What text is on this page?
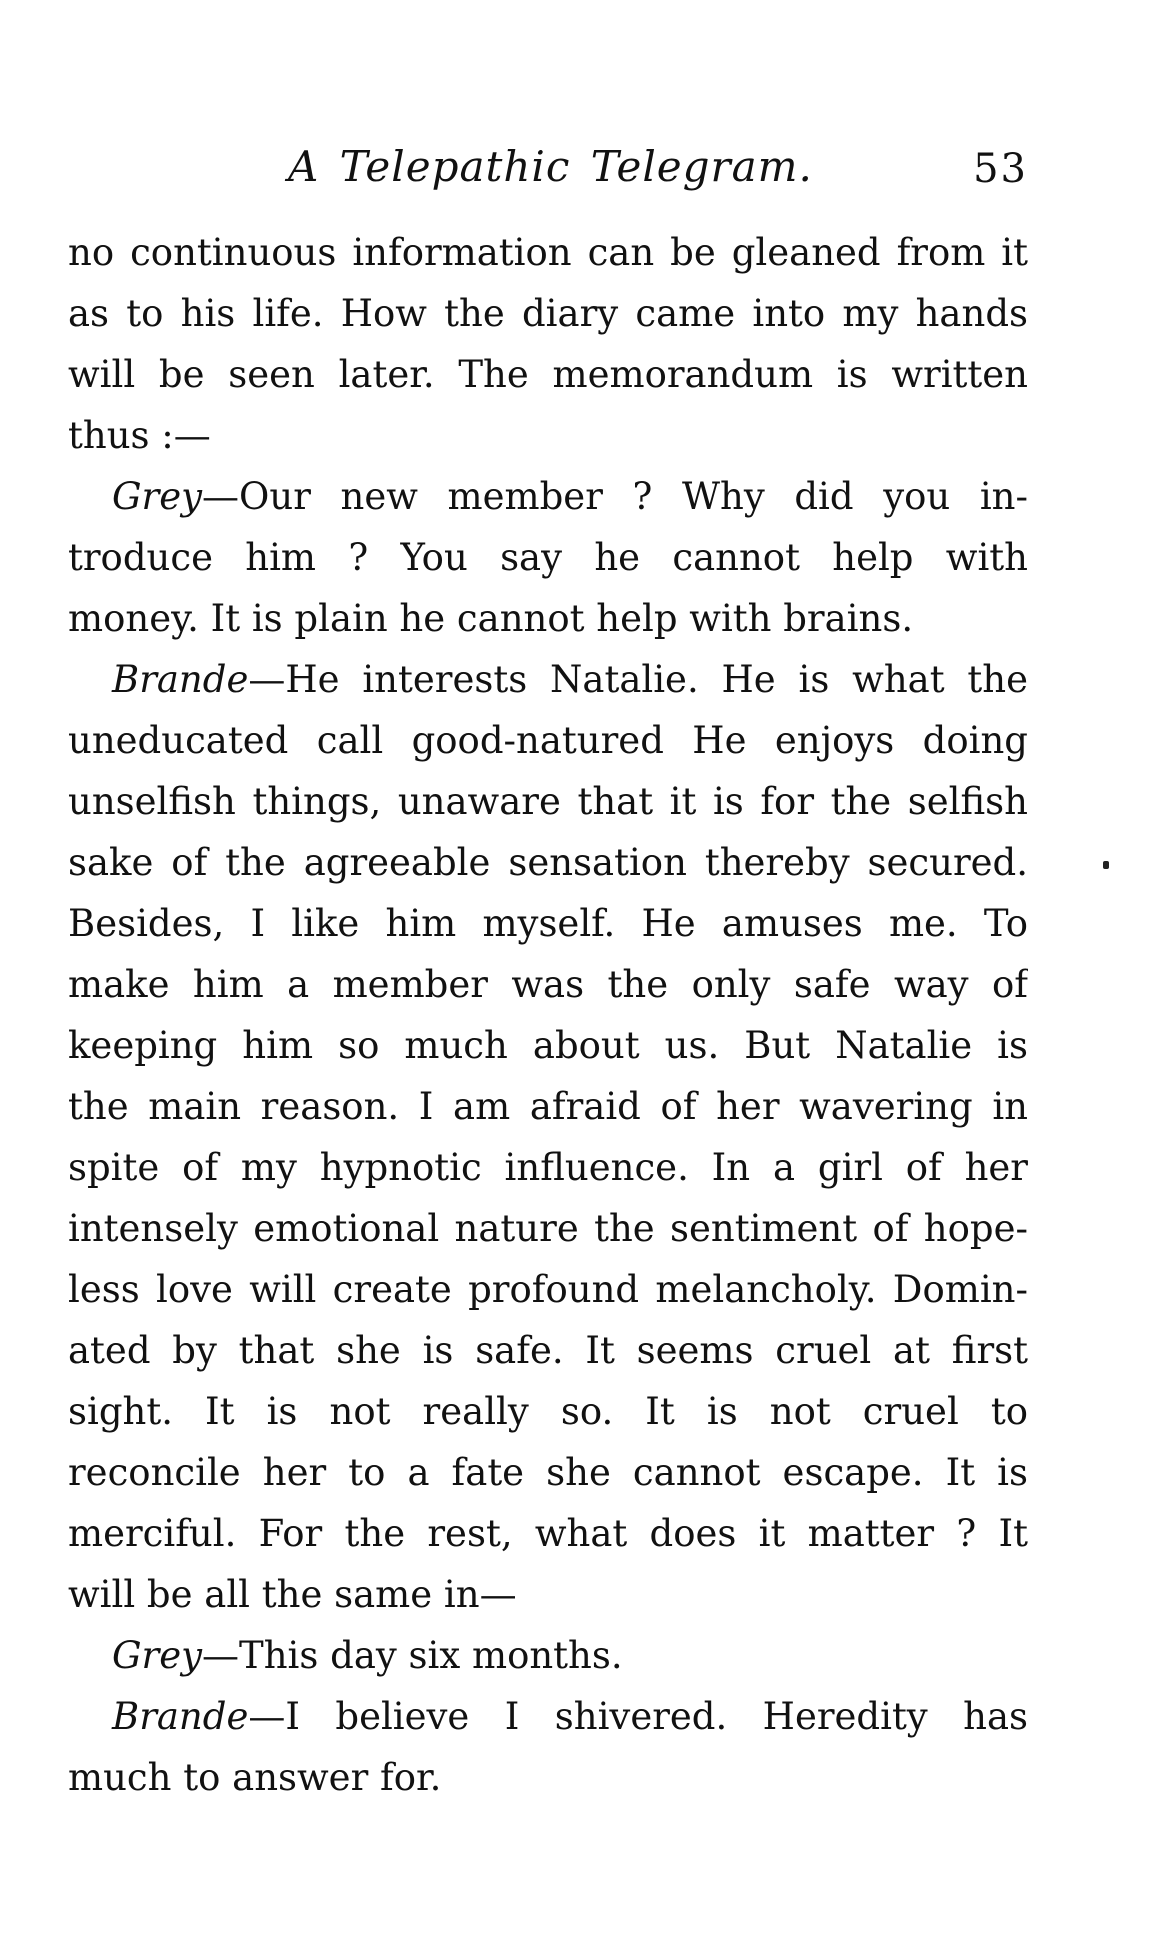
A Telepathic Telegram.	53
no continuous information can be gleaned from it
as to his life. How the diary came into my hands
will be seen later. The memorandum is written
thus :—
Grey—Our new member ? Why did you in-
troduce him ? You say he cannot help with
money. It is plain he cannot help with brains.
Brande—He interests Natalie. He is what the
uneducated call good-natured He enjoys doing
unselfish things, unaware that it is for the selfish
sake of the agreeable sensation thereby secured.
Besides, I like him myself. He amuses me. To
make him a member was the only safe way of
keeping him so much about us. But Natalie is
the main reason. I am afraid of her wavering in
spite of my hypnotic influence. In a girl of her
intensely emotional nature the sentiment of hope-
less love will create profound melancholy. Domin-
ated by that she is safe. It seems cruel at first
sight. It is not really so. It is not cruel to
reconcile her to a fate she cannot escape. It is
merciful. For the rest, what does it matter ? It
will be all the same in—
Grey—This day six months.
Brande—I believe I shivered. Heredity has
much to answer for.
